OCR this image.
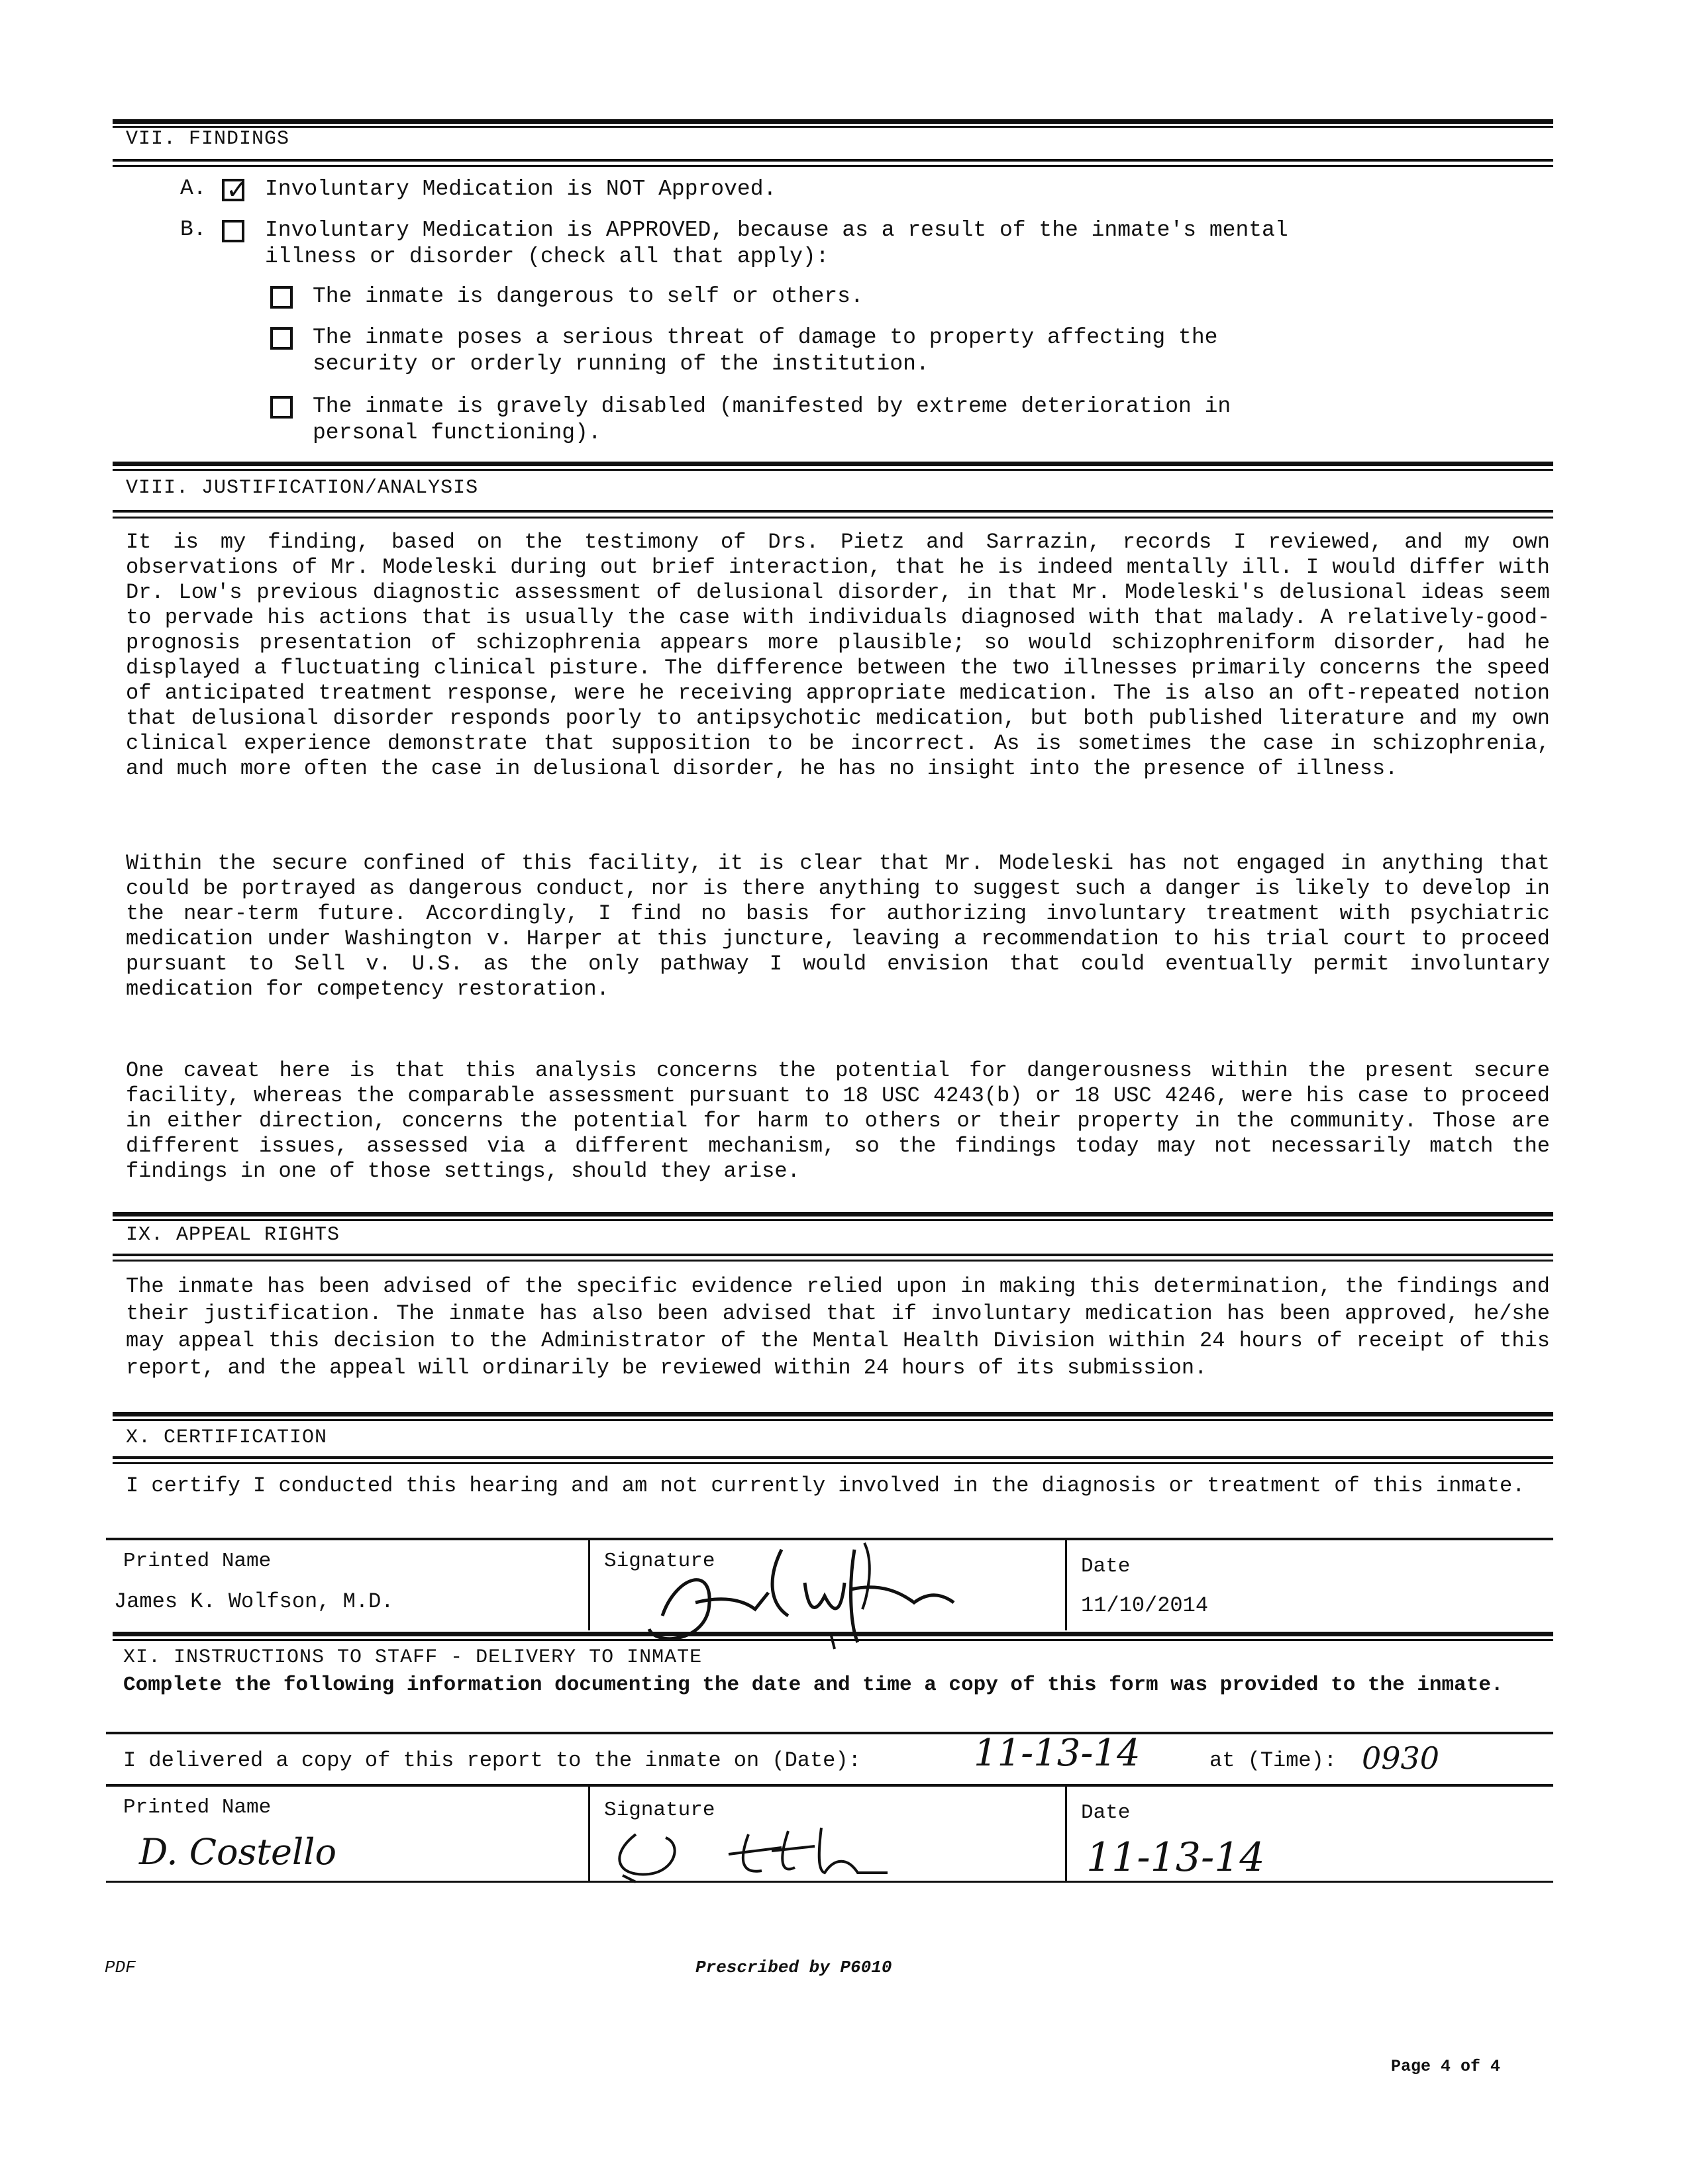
VII. FINDINGS
A. ✓ Involuntary Medication is NOT Approved.
B.	Involuntary Medication is APPROVED, because as a result of the inmate's mental
illness or disorder (check all that apply):
The inmate is dangerous to self or others.
The inmate poses a serious threat of damage to property affecting the
security or orderly running of the institution.
The inmate is gravely disabled (manifested by extreme deterioration in
personal functioning).
VIII. JUSTIFICATION/ANALYSIS
It is my finding, based on the testimony of Drs. Pietz and Sarrazin, records I reviewed, and my own observations of Mr. Modeleski during out brief interaction, that he is indeed mentally ill. I would differ with Dr. Low's previous diagnostic assessment of delusional disorder, in that Mr. Modeleski's delusional ideas seem to pervade his actions that is usually the case with individuals diagnosed with that malady. A relatively-good-prognosis presentation of schizophrenia appears more plausible; so would schizophreniform disorder, had he displayed a fluctuating clinical pisture. The difference between the two illnesses primarily concerns the speed of anticipated treatment response, were he receiving appropriate medication. The is also an oft-repeated notion that delusional disorder responds poorly to antipsychotic medication, but both published literature and my own clinical experience demonstrate that supposition to be incorrect. As is sometimes the case in schizophrenia, and much more often the case in delusional disorder, he has no insight into the presence of illness.
Within the secure confined of this facility, it is clear that Mr. Modeleski has not engaged in anything that could be portrayed as dangerous conduct, nor is there anything to suggest such a danger is likely to develop in the near-term future. Accordingly, I find no basis for authorizing involuntary treatment with psychiatric medication under Washington v. Harper at this juncture, leaving a recommendation to his trial court to proceed pursuant to Sell v. U.S. as the only pathway I would envision that could eventually permit involuntary medication for competency restoration.
One caveat here is that this analysis concerns the potential for dangerousness within the present secure facility, whereas the comparable assessment pursuant to 18 USC 4243(b) or 18 USC 4246, were his case to proceed in either direction, concerns the potential for harm to others or their property in the community. Those are different issues, assessed via a different mechanism, so the findings today may not necessarily match the findings in one of those settings, should they arise.
IX. APPEAL RIGHTS
The inmate has been advised of the specific evidence relied upon in making this determination, the findings and their justification. The inmate has also been advised that if involuntary medication has been approved, he/she may appeal this decision to the Administrator of the Mental Health Division within 24 hours of receipt of this report, and the appeal will ordinarily be reviewed within 24 hours of its submission.
X. CERTIFICATION
I certify I conducted this hearing and am not currently involved in the diagnosis or treatment of this inmate.
Printed Name
James K. Wolfson, M.D.
Signature	Date
11/10/2014
XI. INSTRUCTIONS TO STAFF - DELIVERY TO INMATE
Complete the following information documenting the date and time a copy of this form was provided to the inmate.
I delivered a copy of this report to the inmate on (Date):	11-13-14	at (Time): 0930
Printed Name
D. Costello
Signature	Date
11-13-14
PDF	Prescribed by P6010
Page 4 of 4
